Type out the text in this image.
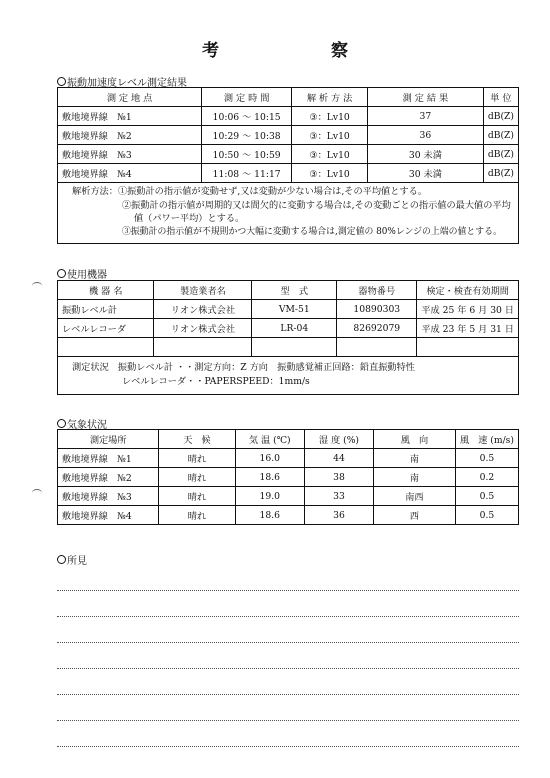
考　　察
振動加速度レベル測定結果
測 定 地 点	測 定 時 間	解 析 方 法	測 定 結 果	単 位
敷地境界線　№1	10:06 ～ 10:15	③：Lv10	37	dB(Z)
敷地境界線　№2	10:29 ～ 10:38	③：Lv10	36	dB(Z)
敷地境界線　№3	10:50 ～ 10:59	③：Lv10	30 未満	dB(Z)
敷地境界線　№4	11:08 ～ 11:17	③：Lv10	30 未満	dB(Z)
解析方法： ①振動計の指示値が変動せず,又は変動が少ない場合は,その平均値とする。
②振動計の指示値が周期的又は間欠的に変動する場合は,その変動ごとの指示値の最大値の平均
値（パワー平均）とする。
③振動計の指示値が不規則かつ大幅に変動する場合は,測定値の 80%レンジの上端の値とする。
使用機器
機 器 名	製造業者名	型　式	器物番号	検定・検査有効期間
振動レベル計	リオン株式会社	VM-51	10890303	平成 25 年 6 月 30 日
レベルレコーダ	リオン株式会社	LR-04	82692079	平成 23 年 5 月 31 日

測定状況　振動レベル計 ・・測定方向：Z 方向　振動感覚補正回路：鉛直振動特性
レベルレコーダ・・PAPERSPEED：1mm/s
気象状況
測定場所	天　候	気 温 (℃)	湿 度 (%)	風　向	風　速 (m/s)
敷地境界線　№1	晴れ	16.0	44	南	0.5
敷地境界線　№2	晴れ	18.6	38	南	0.2
敷地境界線　№3	晴れ	19.0	33	南西	0.5
敷地境界線　№4	晴れ	18.6	36	西	0.5
所見
